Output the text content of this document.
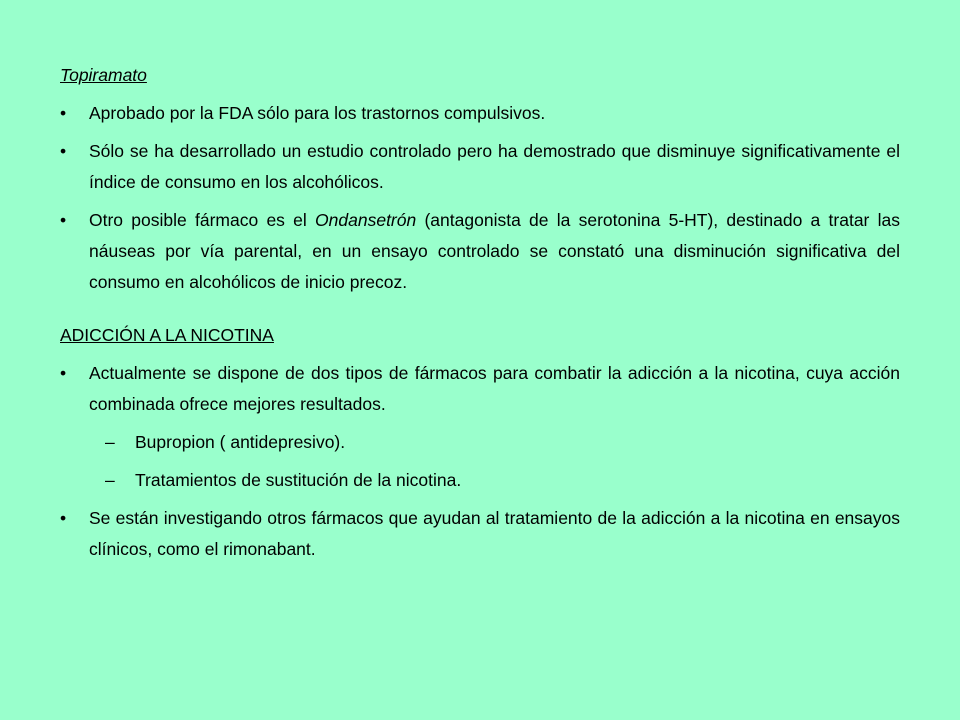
Topiramato

• Aprobado por la FDA sólo para los trastornos compulsivos.
• Sólo se ha desarrollado un estudio controlado pero ha demostrado que disminuye significativamente el índice de consumo en los alcohólicos.
• Otro posible fármaco es el Ondansetrón (antagonista de la serotonina 5-HT), destinado a tratar las náuseas por vía parental, en un ensayo controlado se constató una disminución significativa del consumo en alcohólicos de inicio precoz.

ADICCIÓN A LA NICOTINA

• Actualmente se dispone de dos tipos de fármacos para combatir la adicción a la nicotina, cuya acción combinada ofrece mejores resultados.
– Bupropion ( antidepresivo).
– Tratamientos de sustitución de la nicotina.
• Se están investigando otros fármacos que ayudan al tratamiento de la adicción a la nicotina en ensayos clínicos, como el rimonabant.
